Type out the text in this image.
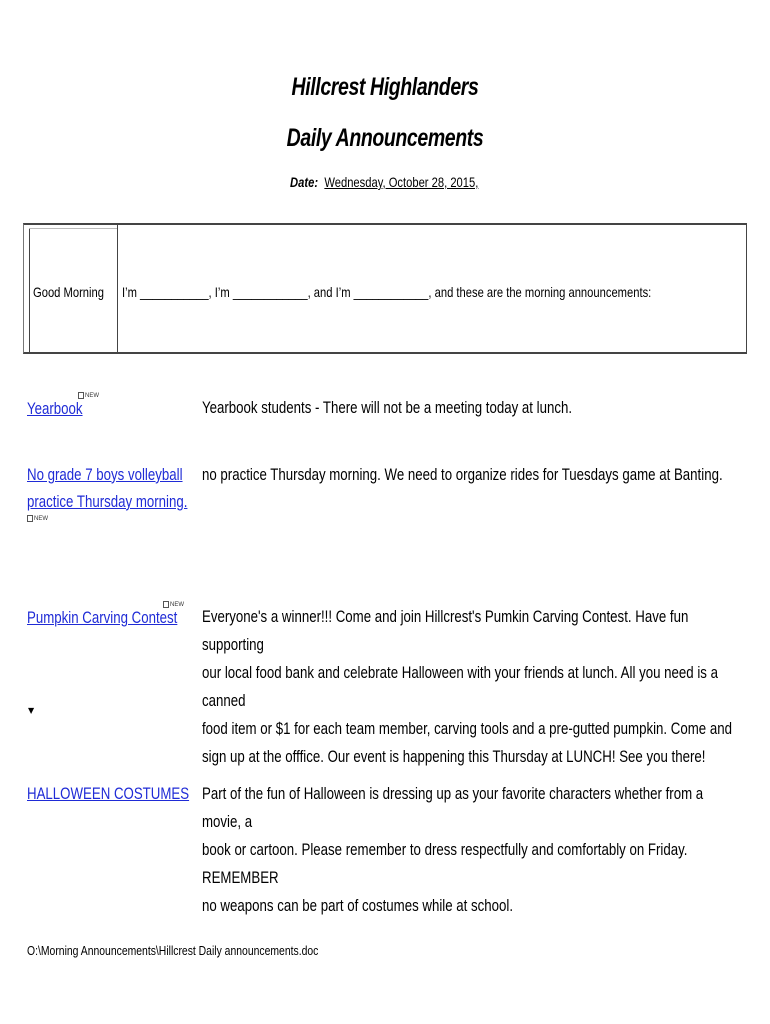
Hillcrest Highlanders
Daily Announcements
Date: Wednesday, October 28, 2015,
Good Morning I’m ___________, I’m ____________, and I’m ____________, and these are the morning announcements:
Yearbook
NEW
Yearbook students - There will not be a meeting today at lunch.
No grade 7 boys volleyball
practice Thursday morning.
NEW
no practice Thursday morning. We need to organize rides for Tuesdays game at Banting.
Pumpkin Carving Contest
NEW
Everyone's a winner!!! Come and join Hillcrest's Pumkin Carving Contest. Have fun supporting
our local food bank and celebrate Halloween with your friends at lunch. All you need is a canned
food item or $1 for each team member, carving tools and a pre-gutted pumpkin. Come and
sign up at the offfice. Our event is happening this Thursday at LUNCH! See you there!
▼
HALLOWEEN COSTUMES Part of the fun of Halloween is dressing up as your favorite characters whether from a movie, a
book or cartoon. Please remember to dress respectfully and comfortably on Friday. REMEMBER
no weapons can be part of costumes while at school.
O:\Morning Announcements\Hillcrest Daily announcements.doc
